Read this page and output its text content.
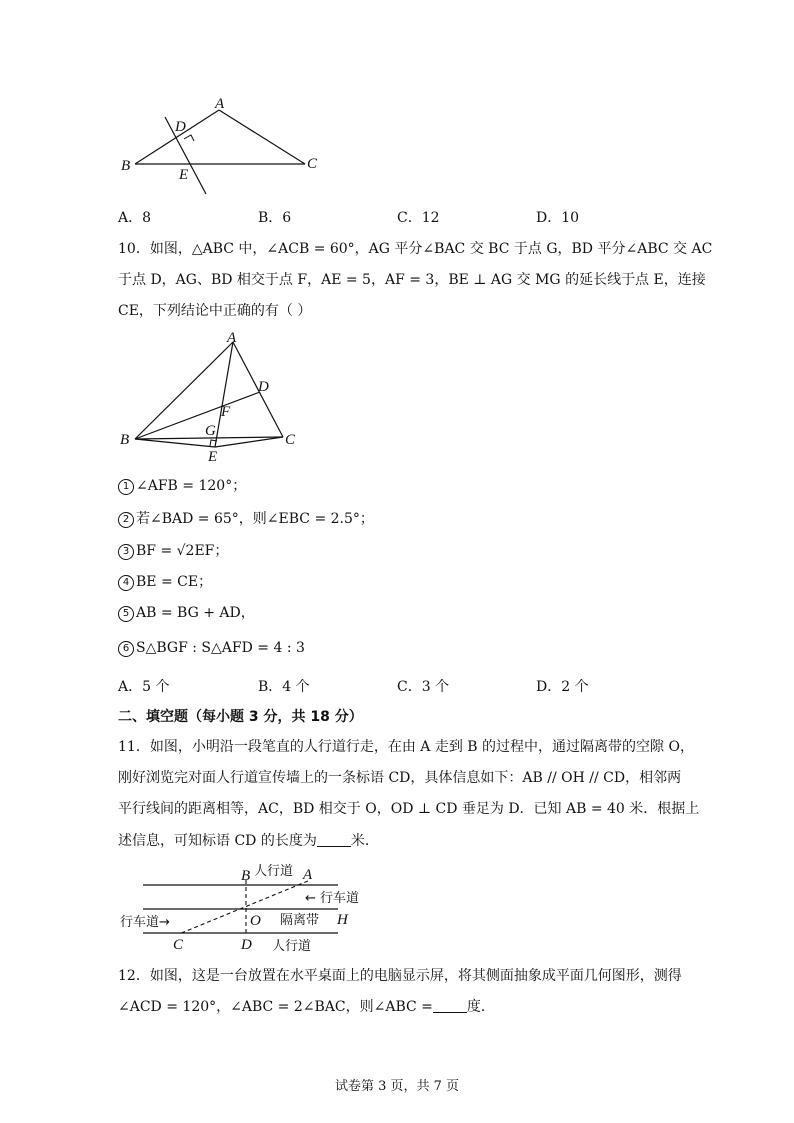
A
D
B
E
C
A．8	B．6	C．12	D．10
10．如图，△ABC 中，∠ACB = 60°，AG 平分∠BAC 交 BC 于点 G，BD 平分∠ABC 交 AC
于点 D，AG、BD 相交于点 F，AE = 5，AF = 3，BE ⊥ AG 交 MG 的延长线于点 E，连接
CE，下列结论中正确的有（ ）
A
D
F
G
B	C
E
1 ∠AFB = 120°；
2 若∠BAD = 65°，则∠EBC = 2.5°；
3 BF = √2EF；
4 BE = CE；
5 AB = BG + AD，
6 S△BGF : S△AFD = 4 : 3
A．5 个	B．4 个	C．3 个	D．2 个
二、填空题（每小题 3 分，共 18 分）
11．如图，小明沿一段笔直的人行道行走，在由 A 走到 B 的过程中，通过隔离带的空隙 O，
刚好浏览完对面人行道宣传墙上的一条标语 CD，具体信息如下：AB // OH // CD，相邻两
平行线间的距离相等，AC，BD 相交于 O，OD ⊥ CD 垂足为 D．已知 AB = 40 米．根据上
述信息，可知标语 CD 的长度为 米．
B 人行道 A
← 行车道
行车道→	O 隔离带 H
C	D 人行道
12．如图，这是一台放置在水平桌面上的电脑显示屏，将其侧面抽象成平面几何图形，测得
∠ACD = 120°，∠ABC = 2∠BAC，则∠ABC = 度．
试卷第 3 页，共 7 页
